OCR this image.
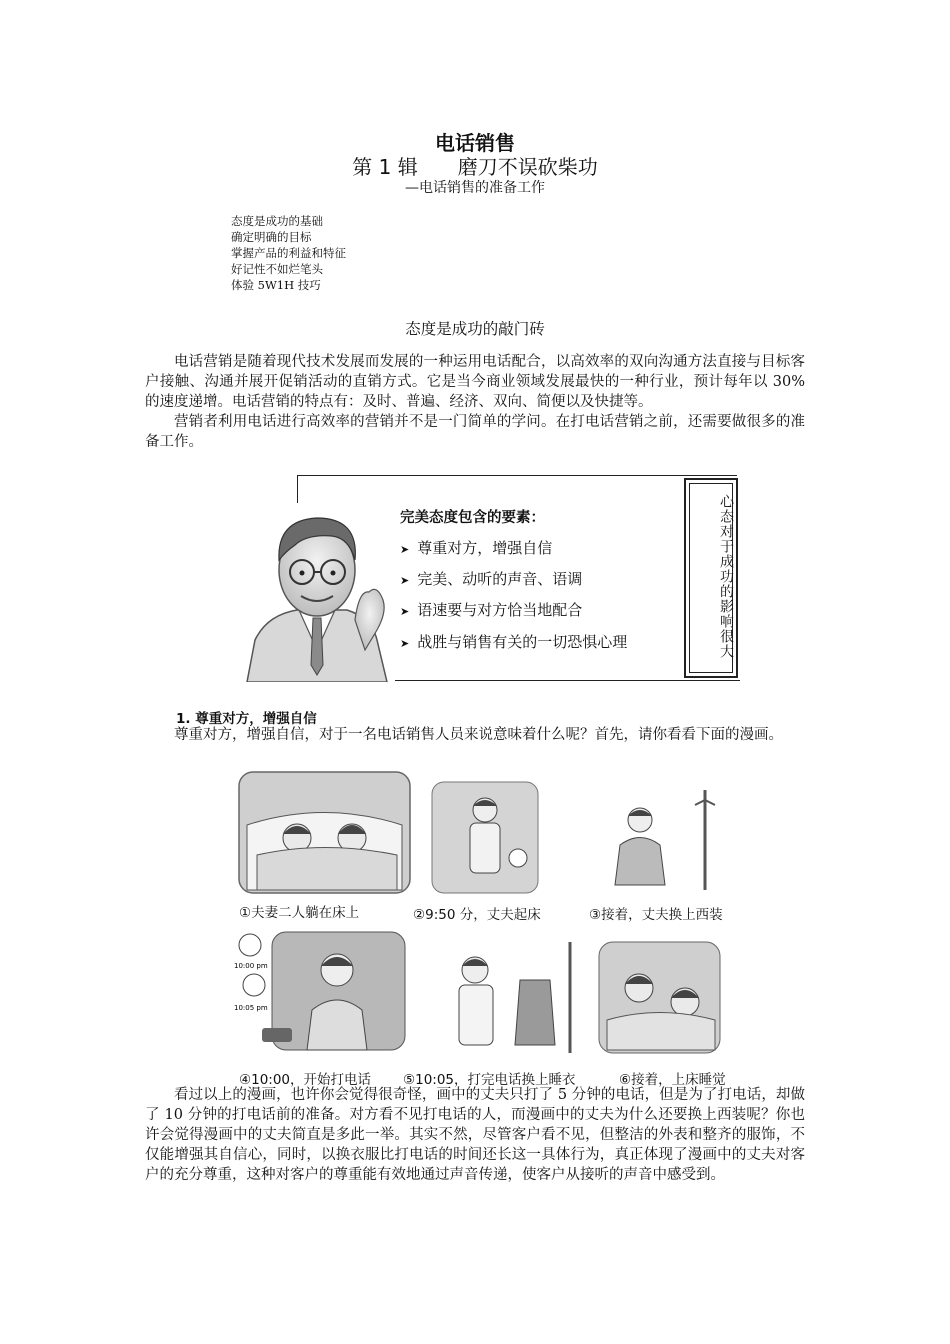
电话销售
第 1 辑 磨刀不误砍柴功
—电话销售的准备工作
态度是成功的基础
确定明确的目标
掌握产品的利益和特征
好记性不如烂笔头
体验 5W1H 技巧
态度是成功的敲门砖

电话营销是随着现代技术发展而发展的一种运用电话配合，以高效率的双向沟通方法直接与目标客户接触、沟通并展开促销活动的直销方式。它是当今商业领域发展最快的一种行业，预计每年以 30%的速度递增。电话营销的特点有：及时、普遍、经济、双向、简便以及快捷等。

营销者利用电话进行高效率的营销并不是一门简单的学问。在打电话营销之前，还需要做很多的准备工作。

完美态度包含的要素：
➤ 尊重对方，增强自信
➤ 完美、动听的声音、语调
➤ 语速要与对方恰当地配合
➤ 战胜与销售有关的一切恐惧心理	心态对于成功的影响很大
1. 尊重对方，增强自信

尊重对方，增强自信，对于一名电话销售人员来说意味着什么呢？首先，请你看看下面的漫画。

①夫妻二人躺在床上	②9:50 分，丈夫起床	③接着，丈夫换上西装
10:00 pm
10:05 pm
④10:00，开始打电话 ⑤10:05，打完电话换上睡衣	⑥接着，上床睡觉

看过以上的漫画，也许你会觉得很奇怪，画中的丈夫只打了 5 分钟的电话，但是为了打电话，却做了 10 分钟的打电话前的准备。对方看不见打电话的人，而漫画中的丈夫为什么还要换上西装呢？你也许会觉得漫画中的丈夫简直是多此一举。其实不然，尽管客户看不见，但整洁的外表和整齐的服饰，不仅能增强其自信心，同时，以换衣服比打电话的时间还长这一具体行为，真正体现了漫画中的丈夫对客户的充分尊重，这种对客户的尊重能有效地通过声音传递，使客户从接听的声音中感受到。
